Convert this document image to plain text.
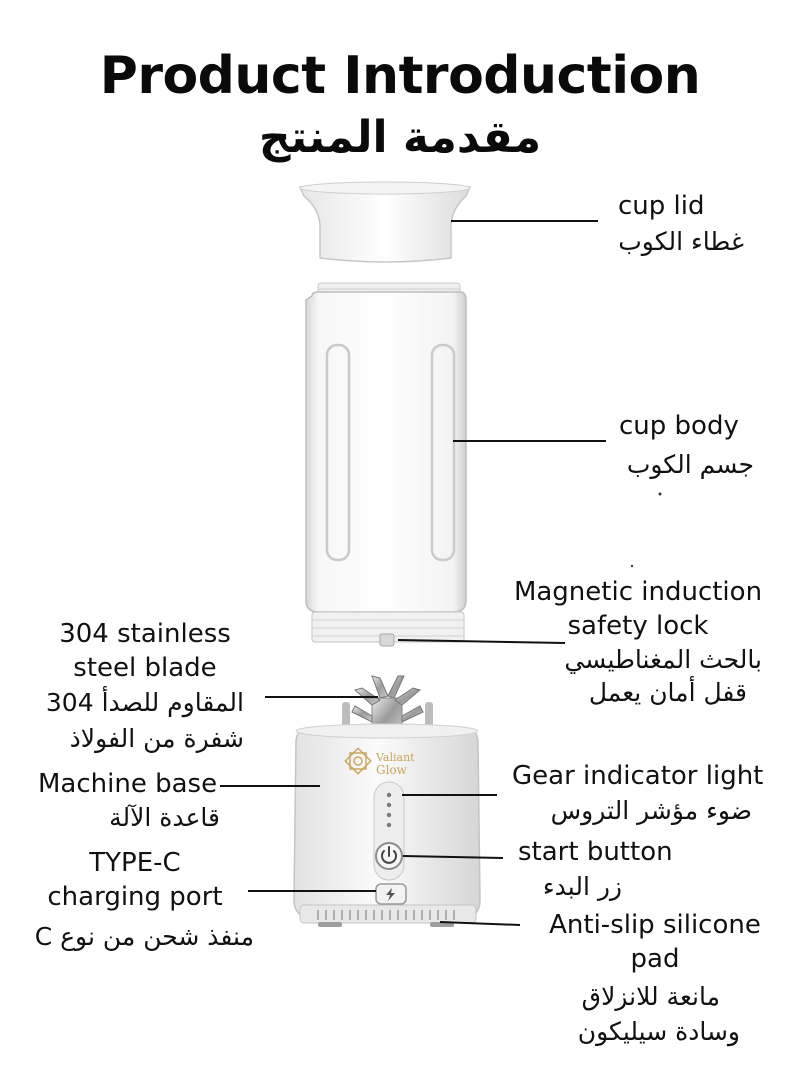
Product Introduction
مقدمة المنتج
Valiant
Glow
cup lid
غطاء الكوب
cup body
جسم الكوب
Magnetic induction
safety lock
بالحث المغناطيسي
قفل أمان يعمل
Gear indicator light
ضوء مؤشر التروس
start button
زر البدء
Anti-slip silicone
pad
مانعة للانزلاق
وسادة سيليكون
304 stainless
steel blade
المقاوم للصدأ 304
شفرة من الفولاذ
Machine base
قاعدة الآلة
TYPE-C
charging port
منفذ شحن من نوع C
